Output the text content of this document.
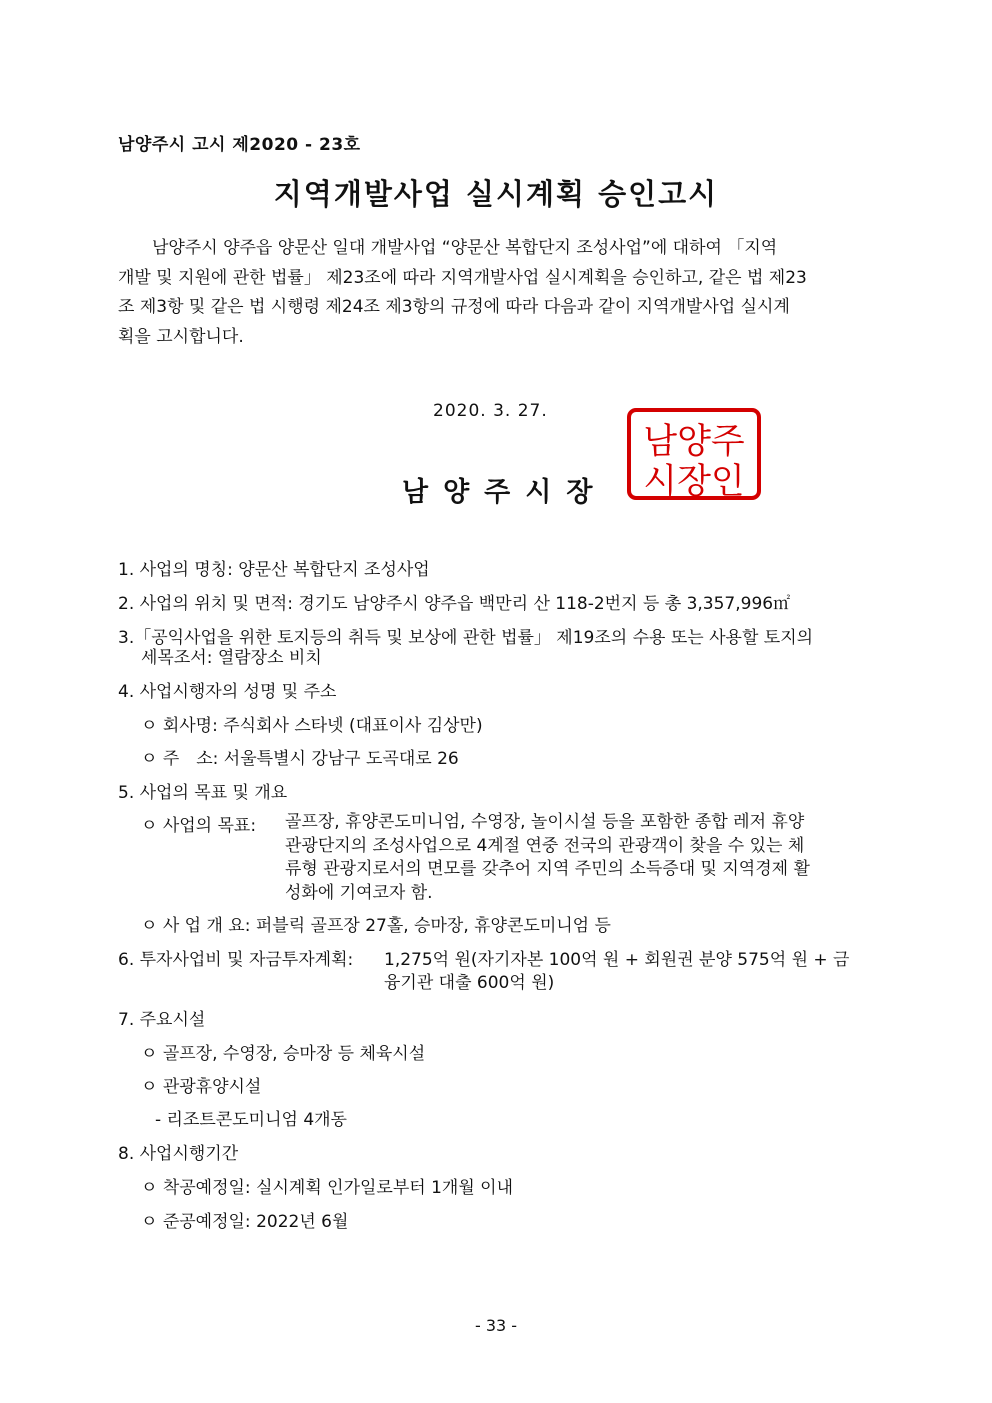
남양주시 고시 제2020 - 23호
지역개발사업 실시계획 승인고시
　　남양주시 양주읍 양문산 일대 개발사업 “양문산 복합단지 조성사업”에 대하여 「지역
개발 및 지원에 관한 법률」 제23조에 따라 지역개발사업 실시계획을 승인하고, 같은 법 제23
조 제3항 및 같은 법 시행령 제24조 제3항의 규정에 따라 다음과 같이 지역개발사업 실시계
획을 고시합니다.
2020. 3. 27.
남양주시장
남양주
시장인
1. 사업의 명칭: 양문산 복합단지 조성사업
2. 사업의 위치 및 면적: 경기도 남양주시 양주읍 백만리 산 118-2번지 등 총 3,357,996㎡
3.「공익사업을 위한 토지등의 취득 및 보상에 관한 법률」 제19조의 수용 또는 사용할 토지의
세목조서: 열람장소 비치
4. 사업시행자의 성명 및 주소
ㅇ 회사명: 주식회사 스타넷 (대표이사 김상만)
ㅇ 주　소: 서울특별시 강남구 도곡대로 26
5. 사업의 목표 및 개요
ㅇ 사업의 목표: 골프장, 휴양콘도미니엄, 수영장, 놀이시설 등을 포함한 종합 레저 휴양
관광단지의 조성사업으로 4계절 연중 전국의 관광객이 찾을 수 있는 체
류형 관광지로서의 면모를 갖추어 지역 주민의 소득증대 및 지역경제 활
성화에 기여코자 함.
ㅇ 사 업 개 요: 퍼블릭 골프장 27홀, 승마장, 휴양콘도미니엄 등
6. 투자사업비 및 자금투자계획: 1,275억 원(자기자본 100억 원 + 회원권 분양 575억 원 + 금
융기관 대출 600억 원)
7. 주요시설
ㅇ 골프장, 수영장, 승마장 등 체육시설
ㅇ 관광휴양시설
- 리조트콘도미니엄 4개동
8. 사업시행기간
ㅇ 착공예정일: 실시계획 인가일로부터 1개월 이내
ㅇ 준공예정일: 2022년 6월
- 33 -
